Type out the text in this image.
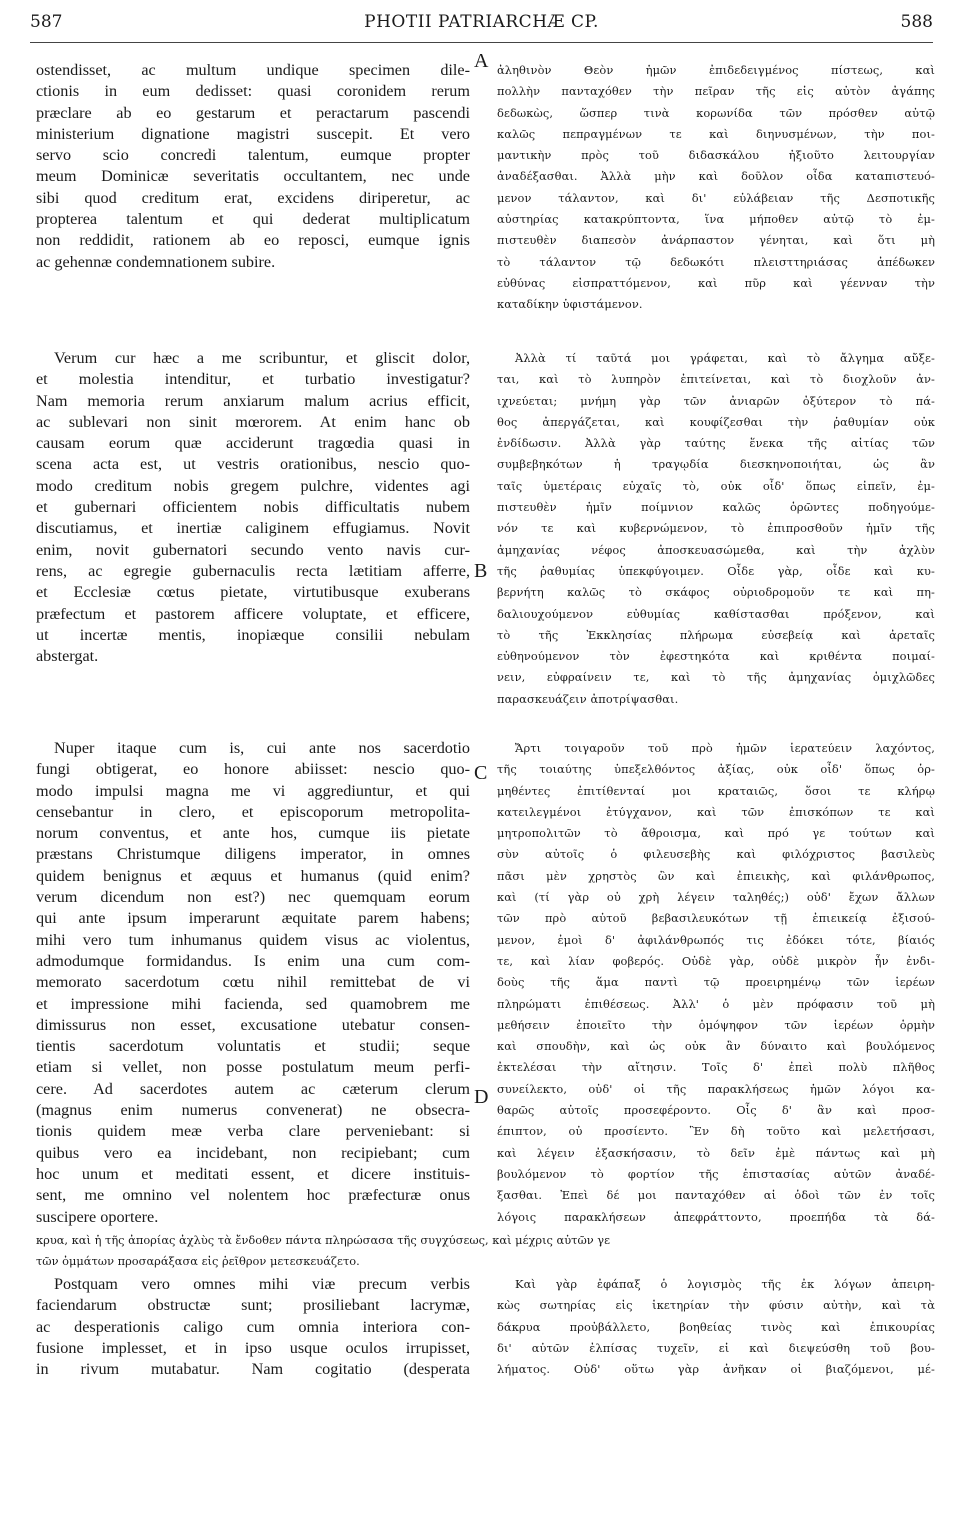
587	PHOTII PATRIARCHÆ CP.	588
A
B
C
D
ostendisset, ac multum undique specimen dile-
ctionis in eum dedisset: quasi coronidem rerum
præclare ab eo gestarum et peractarum pascendi
ministerium dignatione magistri suscepit. Et vero
servo scio concredi talentum, eumque propter
meum Dominicæ severitatis occultantem, nec unde
sibi quod creditum erat, excidens diriperetur, ac
propterea talentum et qui dederat multiplicatum
non reddidit, rationem ab eo reposci, eumque ignis
ac gehennæ condemnationem subire.
Verum cur hæc a me scribuntur, et gliscit dolor,
et molestia intenditur, et turbatio investigatur?
Nam memoria rerum anxiarum malum acrius efficit,
ac sublevari non sinit mœrorem. At enim hanc ob
causam eorum quæ acciderunt tragœdia quasi in
scena acta est, ut vestris orationibus, nescio quo-
modo creditum nobis gregem pulchre, videntes agi
et gubernari officientem nobis difficultatis nubem
discutiamus, et inertiæ caliginem effugiamus. Novit
enim, novit gubernatori secundo vento navis cur-
rens, ac egregie gubernaculis recta lætitiam afferre,
et Ecclesiæ cœtus pietate, virtutibusque exuberans
præfectum et pastorem afficere voluptate, et efficere,
ut incertæ mentis, inopiæque consilii nebulam
abstergat.
Nuper itaque cum is, cui ante nos sacerdotio
fungi obtigerat, eo honore abiisset: nescio quo-
modo impulsi magna me vi aggrediuntur, et qui
censebantur in clero, et episcoporum metropolita-
norum conventus, et ante hos, cumque iis pietate
præstans Christumque diligens imperator, in omnes
quidem benignus et æquus et humanus (quid enim?
verum dicendum non est?) nec quemquam eorum
qui ante ipsum imperarunt æquitate parem habens;
mihi vero tum inhumanus quidem visus ac violentus,
admodumque formidandus. Is enim una cum com-
memorato sacerdotum cœtu nihil remittebat de vi
et impressione mihi facienda, sed quamobrem me
dimissurus non esset, excusatione utebatur consen-
tientis sacerdotum voluntatis et studii; seque
etiam si vellet, non posse postulatum meum perfi-
cere. Ad sacerdotes autem ac cæterum clerum
(magnus enim numerus convenerat) ne obsecra-
tionis quidem meæ verba clare perveniebant: si
quibus vero ea incidebant, non recipiebant; cum
hoc unum et meditati essent, et dicere instituis-
sent, me omnino vel nolentem hoc præfecturæ onus
suscipere oportere.
ἀληθινὸν Θεὸν ἡμῶν ἐπιδεδειγμένος πίστεως, καὶ
πολλὴν πανταχόθεν τὴν πεῖραν τῆς εἰς αὐτὸν ἀγάπης
δεδωκὼς, ὥσπερ τινὰ κορωνίδα τῶν πρόσθεν αὐτῷ
καλῶς πεπραγμένων τε καὶ διηνυσμένων, τὴν ποι-
μαντικὴν πρὸς τοῦ διδασκάλου ἠξιοῦτο λειτουργίαν
ἀναδέξασθαι. Ἀλλὰ μὴν καὶ δοῦλον οἶδα καταπιστευό-
μενον τάλαντον, καὶ δι' εὐλάβειαν τῆς Δεσποτικῆς
αὐστηρίας κατακρύπτοντα, ἵνα μήποθεν αὐτῷ τὸ ἐμ-
πιστευθὲν διαπεσὸν ἀνάρπαστον γένηται, καὶ ὅτι μὴ
τὸ τάλαντον τῷ δεδωκότι πλεισττηριάσας ἀπέδωκεν
εὐθύνας εἰσπραττόμενον, καὶ πῦρ καὶ γέενναν τὴν
καταδίκην ὑφιστάμενον.
Ἀλλὰ τί ταῦτά μοι γράφεται, καὶ τὸ ἄλγημα αὔξε-
ται, καὶ τὸ λυπηρὸν ἐπιτείνεται, καὶ τὸ διοχλοῦν ἀν-
ιχνεύεται; μνήμη γὰρ τῶν ἀνιαρῶν ὀξύτερον τὸ πά-
θος ἀπεργάζεται, καὶ κουφίζεσθαι τὴν ῥαθυμίαν οὐκ
ἐνδίδωσιν. Ἀλλὰ γὰρ ταύτης ἕνεκα τῆς αἰτίας τῶν
συμβεβηκότων ἡ τραγῳδία διεσκηνοποιήται, ὡς ἂν
ταῖς ὑμετέραις εὐχαῖς τὸ, οὐκ οἶδ' ὅπως εἰπεῖν, ἐμ-
πιστευθὲν ἡμῖν ποίμνιον καλῶς ὁρῶντες ποδηγούμε-
νόν τε καὶ κυβερνώμενον, τὸ ἐπιπροσθοῦν ἡμῖν τῆς
ἀμηχανίας νέφος ἀποσκευασώμεθα, καὶ τὴν ἀχλὺν
τῆς ῥαθυμίας ὑπεκφύγοιμεν. Οἶδε γὰρ, οἶδε καὶ κυ-
βερνήτη καλῶς τὸ σκάφος οὐριοδρομοῦν τε καὶ πη-
δαλιουχούμενον εὐθυμίας καθίστασθαι πρόξενον, καὶ
τὸ τῆς Ἐκκλησίας πλήρωμα εὐσεβείᾳ καὶ ἀρεταῖς
εὐθηνούμενον τὸν ἐφεστηκότα καὶ κριθέντα ποιμαί-
νειν, εὐφραίνειν τε, καὶ τὸ τῆς ἀμηχανίας ὁμιχλῶδες
παρασκευάζειν ἀποτρίψασθαι.
Ἄρτι τοιγαροῦν τοῦ πρὸ ἡμῶν ἱερατεύειν λαχόντος,
τῆς τοιαύτης ὑπεξελθόντος ἀξίας, οὐκ οἶδ' ὅπως ὁρ-
μηθέντες ἐπιτίθενταί μοι κραταιῶς, ὅσοι τε κλήρῳ
κατειλεγμένοι ἐτύγχανον, καὶ τῶν ἐπισκόπων τε καὶ
μητροπολιτῶν τὸ ἄθροισμα, καὶ πρό γε τούτων καὶ
σὺν αὐτοῖς ὁ φιλευσεβὴς καὶ φιλόχριστος βασιλεὺς
πᾶσι μὲν χρηστὸς ὢν καὶ ἐπιεικὴς, καὶ φιλάνθρωπος,
καὶ (τί γὰρ οὐ χρὴ λέγειν ταληθές;) οὐδ' ἔχων ἄλλων
τῶν πρὸ αὐτοῦ βεβασιλευκότων τῇ ἐπιεικείᾳ ἐξισού-
μενον, ἐμοὶ δ' ἀφιλάνθρωπός τις ἐδόκει τότε, βίαιός
τε, καὶ λίαν φοβερός. Οὐδὲ γὰρ, οὐδὲ μικρὸν ἦν ἐνδι-
δοὺς τῆς ἅμα παντὶ τῷ προειρημένῳ τῶν ἱερέων
πληρώματι ἐπιθέσεως. Ἀλλ' ὁ μὲν πρόφασιν τοῦ μὴ
μεθήσειν ἐποιεῖτο τὴν ὁμόψηφον τῶν ἱερέων ὁρμὴν
καὶ σπουδὴν, καὶ ὡς οὐκ ἂν δύναιτο καὶ βουλόμενος
ἐκτελέσαι τὴν αἴτησιν. Τοῖς δ' ἐπεὶ πολὺ πλῆθος
συνείλεκτο, οὐδ' οἱ τῆς παρακλήσεως ἡμῶν λόγοι κα-
θαρῶς αὐτοῖς προσεφέροντο. Οἷς δ' ἂν καὶ προσ-
έπιπτον, οὐ προσίεντο. Ἓν δὴ τοῦτο καὶ μελετήσασι,
καὶ λέγειν ἐξασκήσασιν, τὸ δεῖν ἐμὲ πάντως καὶ μὴ
βουλόμενον τὸ φορτίον τῆς ἐπιστασίας αὐτῶν ἀναδέ-
ξασθαι. Ἐπεὶ δέ μοι πανταχόθεν αἱ ὁδοὶ τῶν ἐν τοῖς
λόγοις παρακλήσεων ἀπεφράττοντο, προεπήδα τὰ δά-
κρυα, καὶ ἡ τῆς ἀπορίας ἀχλὺς τὰ ἔνδοθεν πάντα πληρώσασα τῆς συγχύσεως, καὶ μέχρις αὐτῶν γε
τῶν ὀμμάτων προσαράξασα εἰς ῥεῖθρον μετεσκευάζετο.
Postquam vero omnes mihi viæ precum verbis
faciendarum obstructæ sunt; prosiliebant lacrymæ,
ac desperationis caligo cum omnia interiora con-
fusione implesset, et in ipso usque oculos irrupisset,
in rivum mutabatur. Nam cogitatio (desperata
Καὶ γὰρ ἐφάπαξ ὁ λογισμὸς τῆς ἐκ λόγων ἀπειρη-
κὼς σωτηρίας εἰς ἱκετηρίαν τὴν φύσιν αὐτὴν, καὶ τὰ
δάκρυα προὐβάλλετο, βοηθείας τινὸς καὶ ἐπικουρίας
δι' αὐτῶν ἐλπίσας τυχεῖν, εἰ καὶ διεψεύσθη τοῦ βου-
λήματος. Οὐδ' οὕτω γὰρ ἀνῆκαν οἱ βιαζόμενοι, μέ-
